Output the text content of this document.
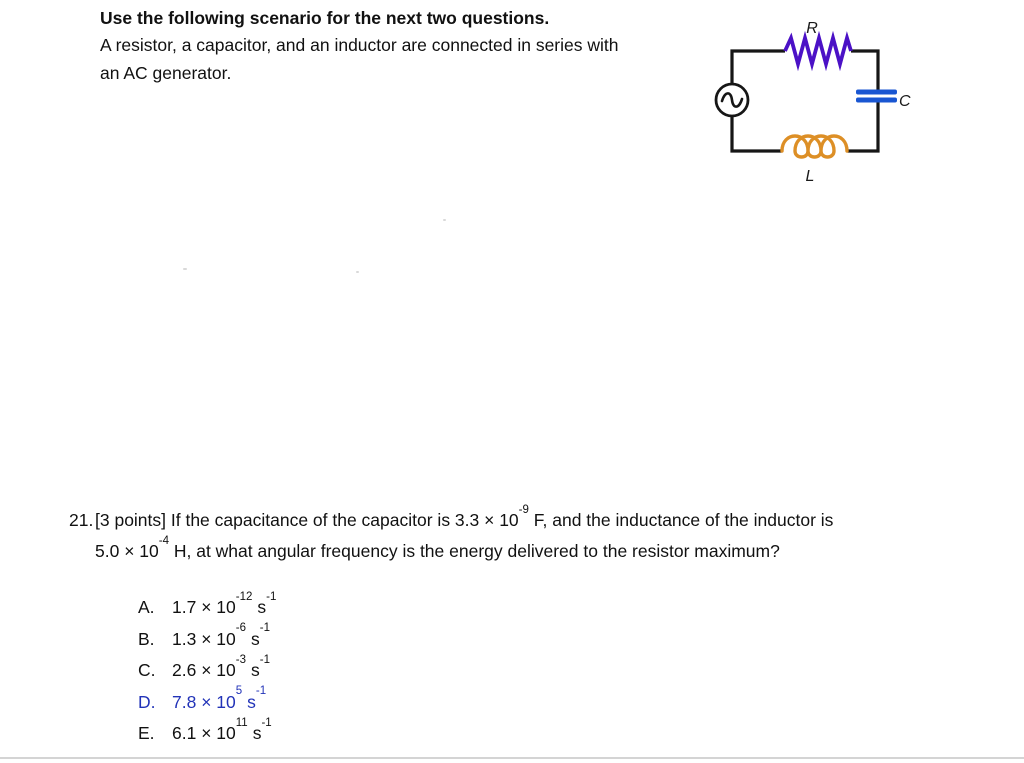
Use the following scenario for the next two questions.

A resistor, a capacitor, and an inductor are connected in series with

an AC generator.

R
C
L
21.[3 points] If the capacitance of the capacitor is $3.3 \times 10^{-9}$ F, and the inductance of the inductor is
$5.0 \times 10^{-4}$ H, at what angular frequency is the energy delivered to the resistor maximum?
A. $1.7 \times 10^{-12}s^{-1}$
B. $1.3 \times 10^{-6}s^{-1}$
C. $2.6 \times 10^{-3}s^{-1}$
D. $7.8 \times 10^5s^{-1}$
E. $6.1 \times 10^{11}s^{-1}$
